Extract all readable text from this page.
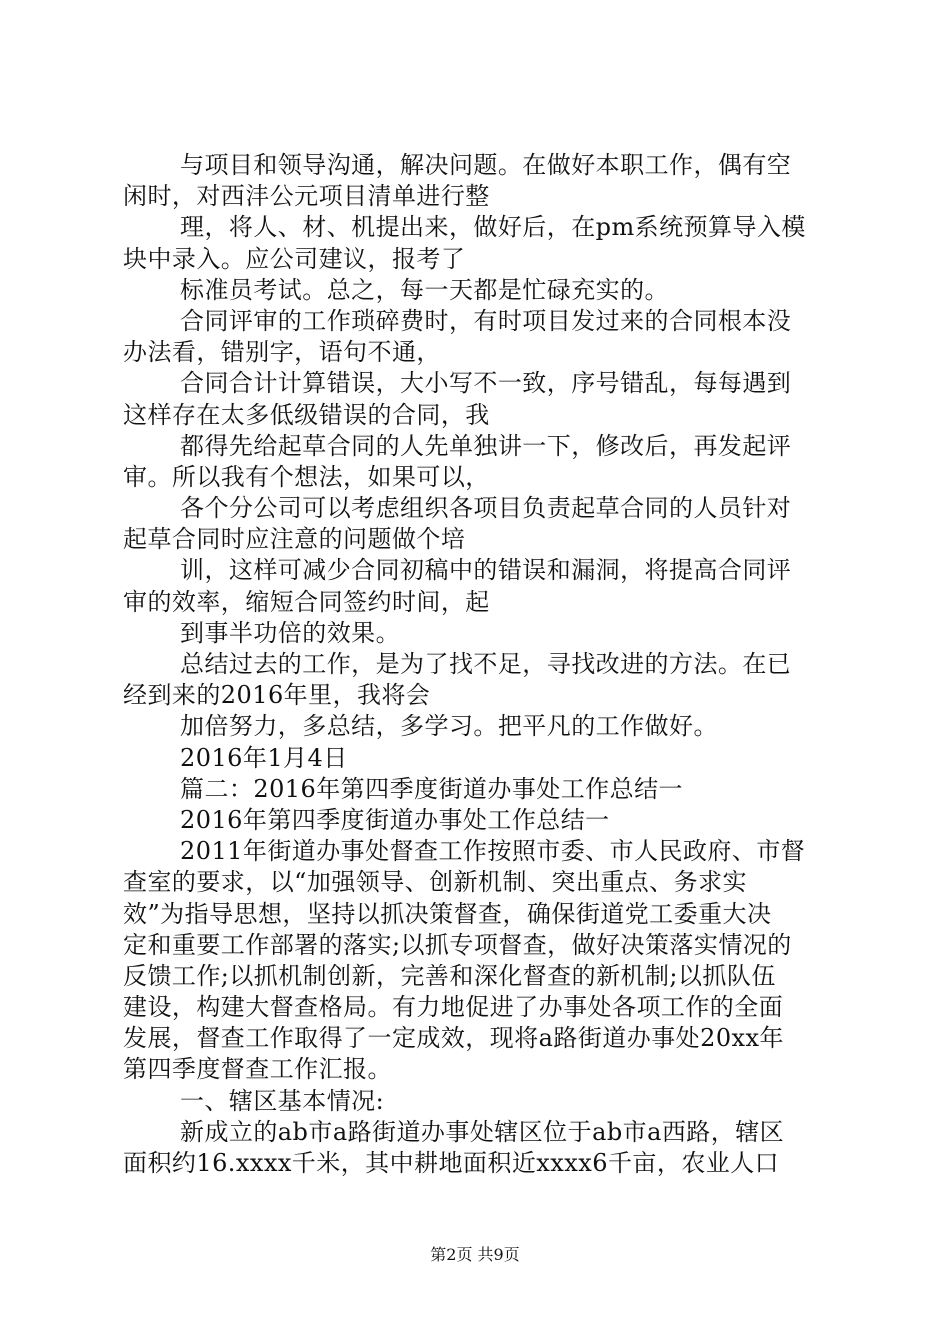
与项目和领导沟通，解决问题。在做好本职工作，偶有空
闲时，对西沣公元项目清单进行整
理，将人、材、机提出来，做好后，在pm系统预算导入模
块中录入。应公司建议，报考了
标准员考试。总之，每一天都是忙碌充实的。
合同评审的工作琐碎费时，有时项目发过来的合同根本没
办法看，错别字，语句不通，
合同合计计算错误，大小写不一致，序号错乱，每每遇到
这样存在太多低级错误的合同，我
都得先给起草合同的人先单独讲一下，修改后，再发起评
审。所以我有个想法，如果可以，
各个分公司可以考虑组织各项目负责起草合同的人员针对
起草合同时应注意的问题做个培
训，这样可减少合同初稿中的错误和漏洞，将提高合同评
审的效率，缩短合同签约时间，起
到事半功倍的效果。
总结过去的工作，是为了找不足，寻找改进的方法。在已
经到来的2016年里，我将会
加倍努力，多总结，多学习。把平凡的工作做好。
2016年1月4日
篇二：2016年第四季度街道办事处工作总结一
2016年第四季度街道办事处工作总结一
2011年街道办事处督查工作按照市委、市人民政府、市督
查室的要求，以“加强领导、创新机制、突出重点、务求实
效”为指导思想，坚持以抓决策督查，确保街道党工委重大决
定和重要工作部署的落实;以抓专项督查，做好决策落实情况的
反馈工作;以抓机制创新，完善和深化督查的新机制;以抓队伍
建设，构建大督查格局。有力地促进了办事处各项工作的全面
发展，督查工作取得了一定成效，现将a路街道办事处20xx年
第四季度督查工作汇报。
一、辖区基本情况:
新成立的ab市a路街道办事处辖区位于ab市a西路，辖区
面积约16.xxxx千米，其中耕地面积近xxxx6千亩，农业人口
第2页 共9页
